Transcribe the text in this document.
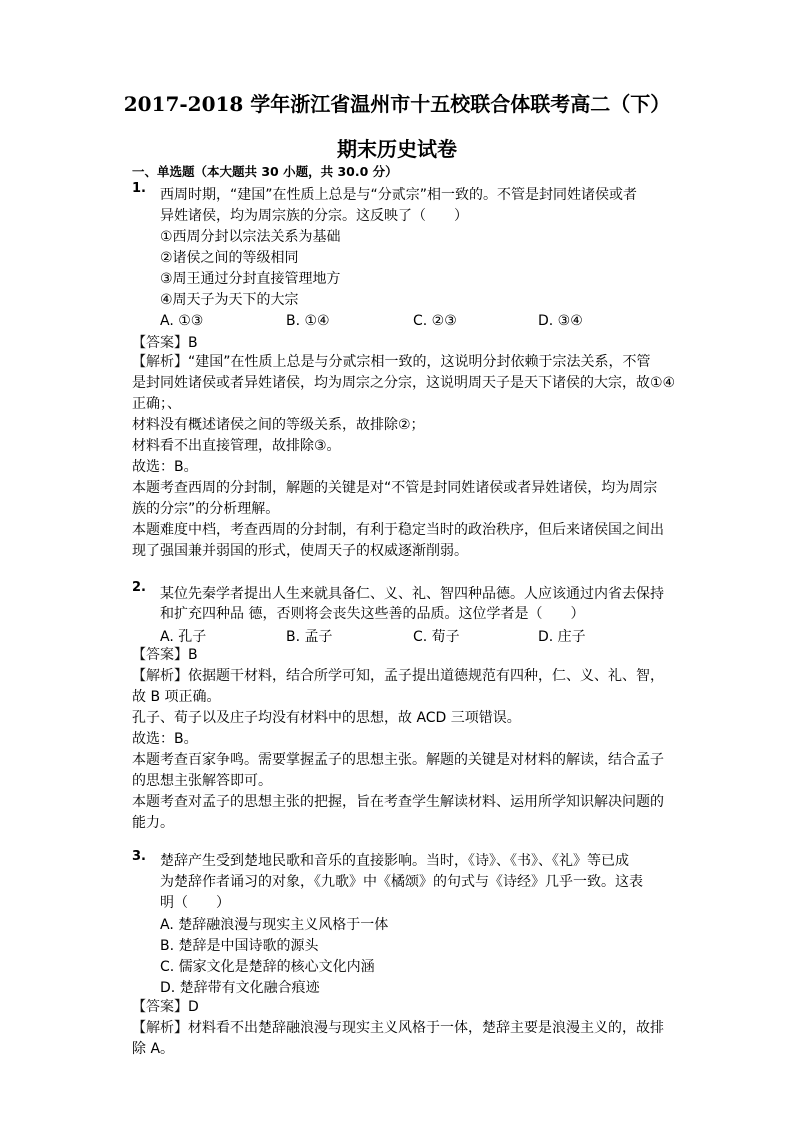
2017-2018 学年浙江省温州市十五校联合体联考高二（下）
期末历史试卷
一、单选题（本大题共 30 小题，共 30.0 分）
1. 西周时期，“建国”在性质上总是与“分贰宗”相一致的。不管是封同姓诸侯或者
异姓诸侯，均为周宗族的分宗。这反映了（　　）
①西周分封以宗法关系为基础
②诸侯之间的等级相同
③周王通过分封直接管理地方
④周天子为天下的大宗
A. ①③	B. ①④	C. ②③	D. ③④
【答案】B
【解析】“建国”在性质上总是与分贰宗相一致的，这说明分封依赖于宗法关系，不管
是封同姓诸侯或者异姓诸侯，均为周宗之分宗，这说明周天子是天下诸侯的大宗，故①④
正确；、
材料没有概述诸侯之间的等级关系，故排除②；
材料看不出直接管理，故排除③。
故选：B。
本题考查西周的分封制，解题的关键是对“不管是封同姓诸侯或者异姓诸侯，均为周宗
族的分宗”的分析理解。
本题难度中档，考查西周的分封制，有利于稳定当时的政治秩序，但后来诸侯国之间出
现了强国兼并弱国的形式，使周天子的权威逐渐削弱。
2. 某位先秦学者提出人生来就具备仁、义、礼、智四种品德。人应该通过内省去保持
和扩充四种品 德，否则将会丧失这些善的品质。这位学者是（　　）
A. 孔子	B. 孟子	C. 荀子	D. 庄子
【答案】B
【解析】依据题干材料，结合所学可知，孟子提出道德规范有四种，仁、义、礼、智，
故 B 项正确。
孔子、荀子以及庄子均没有材料中的思想，故 ACD 三项错误。
故选：B。
本题考查百家争鸣。需要掌握孟子的思想主张。解题的关键是对材料的解读，结合孟子
的思想主张解答即可。
本题考查对孟子的思想主张的把握，旨在考查学生解读材料、运用所学知识解决问题的
能力。
3. 楚辞产生受到楚地民歌和音乐的直接影响。当时，《诗》、《书》、《礼》等已成
为楚辞作者诵习的对象，《九歌》中《橘颂》的句式与《诗经》几乎一致。这表
明（　　）
A. 楚辞融浪漫与现实主义风格于一体
B. 楚辞是中国诗歌的源头
C. 儒家文化是楚辞的核心文化内涵
D. 楚辞带有文化融合痕迹
【答案】D
【解析】材料看不出楚辞融浪漫与现实主义风格于一体，楚辞主要是浪漫主义的，故排
除 A。
